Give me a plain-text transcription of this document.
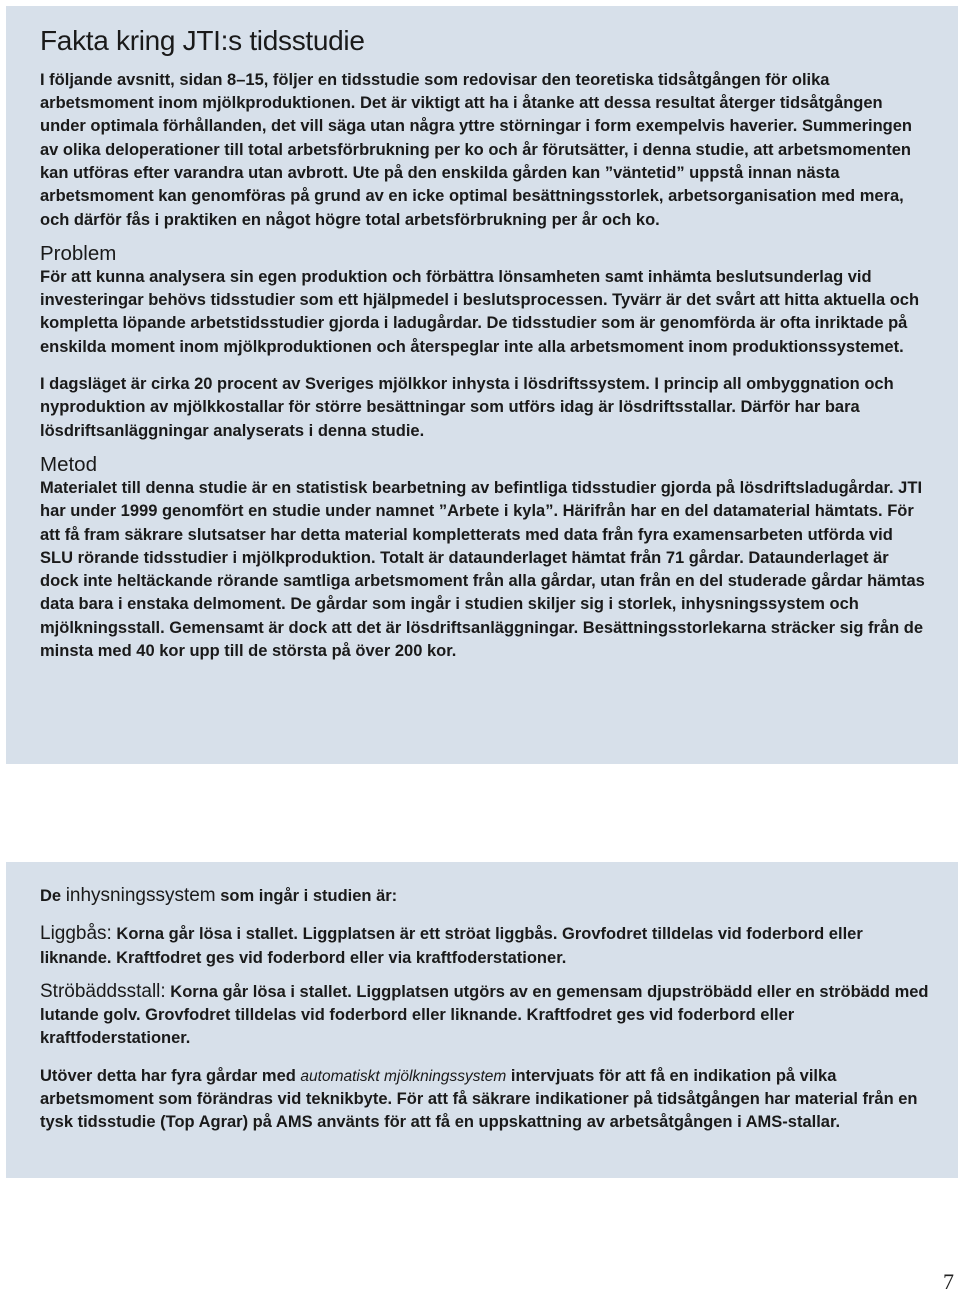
Fakta kring JTI:s tidsstudie

I följande avsnitt, sidan 8–15, följer en tidsstudie som redovisar den teoretiska tidsåtgången för olika arbetsmoment inom mjölkproduktionen. Det är viktigt att ha i åtanke att dessa resultat återger tidsåtgången under optimala förhållanden, det vill säga utan några yttre störningar i form exempelvis haverier. Summeringen av olika deloperationer till total arbetsförbrukning per ko och år förutsätter, i denna studie, att arbetsmomenten kan utföras efter varandra utan avbrott. Ute på den enskilda gården kan ”väntetid” uppstå innan nästa arbetsmoment kan genomföras på grund av en icke optimal besättningsstorlek, arbetsorganisation med mera, och därför fås i praktiken en något högre total arbetsförbrukning per år och ko.

Problem

För att kunna analysera sin egen produktion och förbättra lönsamheten samt inhämta beslutsunderlag vid investeringar behövs tidsstudier som ett hjälpmedel i beslutsprocessen. Tyvärr är det svårt att hitta aktuella och kompletta löpande arbetstidsstudier gjorda i ladugårdar. De tidsstudier som är genomförda är ofta inriktade på enskilda moment inom mjölkproduktionen och återspeglar inte alla arbetsmoment inom produktionssystemet.

I dagsläget är cirka 20 procent av Sveriges mjölkkor inhysta i lösdriftssystem. I princip all ombyggnation och nyproduktion av mjölkkostallar för större besättningar som utförs idag är lösdriftsstallar. Därför har bara lösdriftsanläggningar analyserats i denna studie.

Metod

Materialet till denna studie är en statistisk bearbetning av befintliga tidsstudier gjorda på lösdriftsladugårdar. JTI har under 1999 genomfört en studie under namnet ”Arbete i kyla”. Härifrån har en del datamaterial hämtats. För att få fram säkrare slutsatser har detta material kompletterats med data från fyra examensarbeten utförda vid SLU rörande tidsstudier i mjölkproduktion. Totalt är dataunderlaget hämtat från 71 gårdar. Dataunderlaget är dock inte heltäckande rörande samtliga arbetsmoment från alla gårdar, utan från en del studerade gårdar hämtas data bara i enstaka delmoment. De gårdar som ingår i studien skiljer sig i storlek, inhysningssystem och mjölkningsstall. Gemensamt är dock att det är lösdriftsanläggningar. Besättningsstorlekarna sträcker sig från de minsta med 40 kor upp till de största på över 200 kor.

De inhysningssystem som ingår i studien är:

Liggbås: Korna går lösa i stallet. Liggplatsen är ett ströat liggbås. Grovfodret tilldelas vid foderbord eller liknande. Kraftfodret ges vid foderbord eller via kraftfoderstationer.

Ströbäddsstall: Korna går lösa i stallet. Liggplatsen utgörs av en gemensam djupströbädd eller en ströbädd med lutande golv. Grovfodret tilldelas vid foderbord eller liknande. Kraftfodret ges vid foderbord eller kraftfoderstationer.

Utöver detta har fyra gårdar med automatiskt mjölkningssystem intervjuats för att få en indikation på vilka arbetsmoment som förändras vid teknikbyte. För att få säkrare indikationer på tidsåtgången har material från en tysk tidsstudie (Top Agrar) på AMS använts för att få en uppskattning av arbetsåtgången i AMS-stallar.

7
